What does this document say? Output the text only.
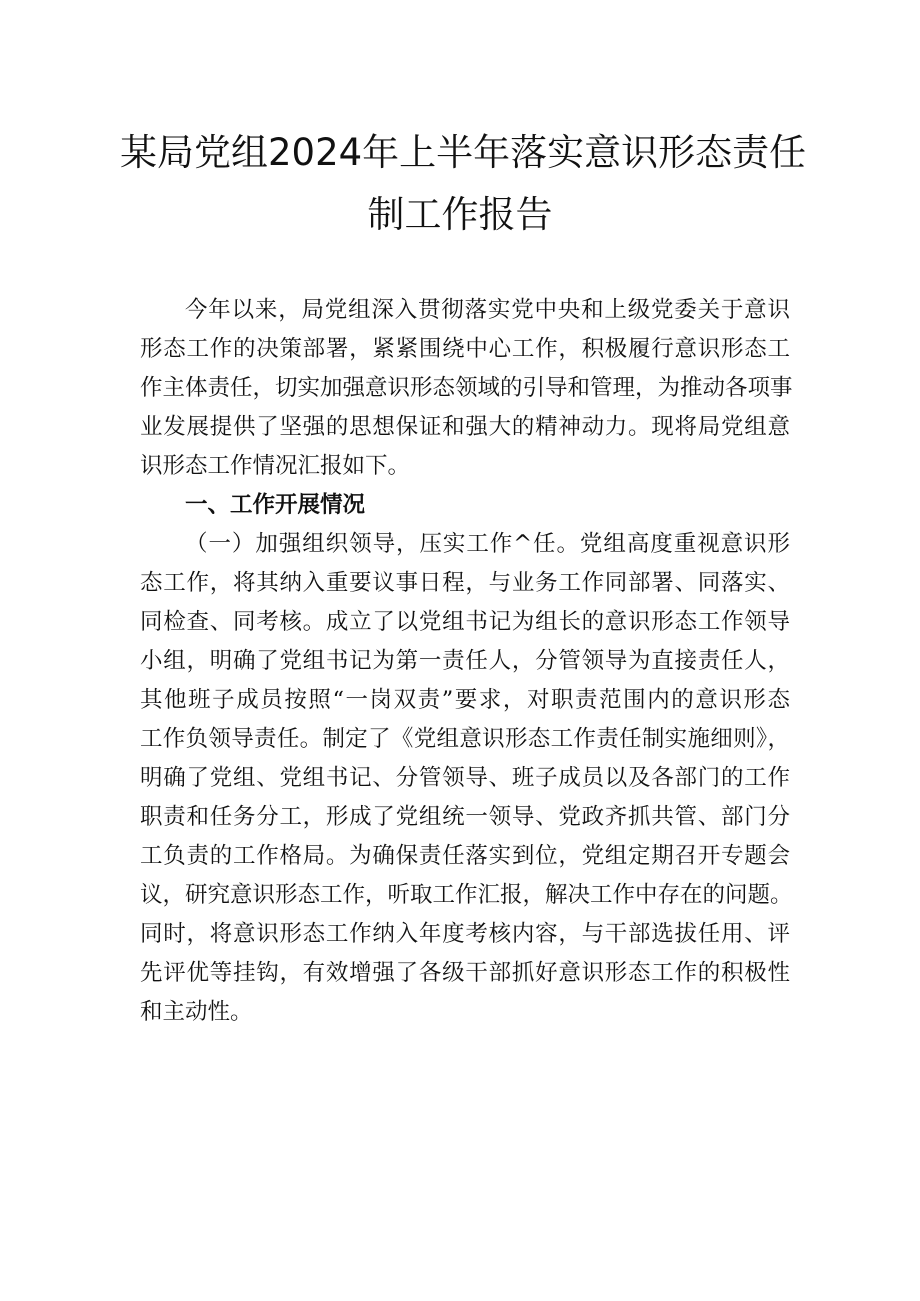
某局党组2024年上半年落实意识形态责任
制工作报告

今年以来，局党组深入贯彻落实党中央和上级党委关于意识
形态工作的决策部署，紧紧围绕中心工作，积极履行意识形态工
作主体责任，切实加强意识形态领域的引导和管理，为推动各项事
业发展提供了坚强的思想保证和强大的精神动力。现将局党组意
识形态工作情况汇报如下。

一、工作开展情况

（一）加强组织领导，压实工作^任。党组高度重视意识形
态工作，将其纳入重要议事日程，与业务工作同部署、同落实、
同检查、同考核。成立了以党组书记为组长的意识形态工作领导
小组，明确了党组书记为第一责任人，分管领导为直接责任人，
其他班子成员按照“一岗双责”要求，对职责范围内的意识形态
工作负领导责任。制定了《党组意识形态工作责任制实施细则》，
明确了党组、党组书记、分管领导、班子成员以及各部门的工作
职责和任务分工，形成了党组统一领导、党政齐抓共管、部门分
工负责的工作格局。为确保责任落实到位，党组定期召开专题会
议，研究意识形态工作，听取工作汇报，解决工作中存在的问题。
同时，将意识形态工作纳入年度考核内容，与干部选拔任用、评
先评优等挂钩，有效增强了各级干部抓好意识形态工作的积极性
和主动性。
